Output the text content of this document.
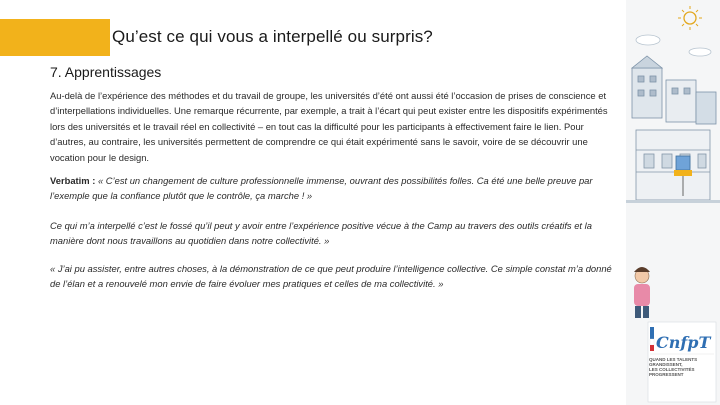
Qu’est ce qui vous a interpellé ou surpris?
7. Apprentissages
Au-delà de l’expérience des méthodes et du travail de groupe, les universités d’été ont aussi été l’occasion de prises de conscience et d’interpellations individuelles. Une remarque récurrente, par exemple, a trait à l’écart qui peut exister entre les dispositifs expérimentés lors des universités et le travail réel en collectivité – en tout cas la difficulté pour les participants à effectivement faire le lien. Pour d’autres, au contraire, les universités permettent de comprendre ce qui était expérimenté sans le savoir, voire de se découvrir une vocation pour le design.
Verbatim : « C’est un changement de culture professionnelle immense, ouvrant des possibilités folles. Ca été une belle preuve par l’exemple que la confiance plutôt que le contrôle, ça marche ! »
Ce qui m’a interpellé c’est le fossé qu’il peut y avoir entre l’expérience positive vécue à the Camp au travers des outils créatifs et la manière dont nous travaillons au quotidien dans notre collectivité. »
« J’ai pu assister, entre autres choses, à la démonstration de ce que peut produire l’intelligence collective. Ce simple constat m’a donné de l’élan et a renouvelé mon envie de faire évoluer mes pratiques et celles de ma collectivité. »
CnfpT
QUAND LES TALENTS
GRANDISSENT,
LES COLLECTIVITÉS
PROGRESSENT
